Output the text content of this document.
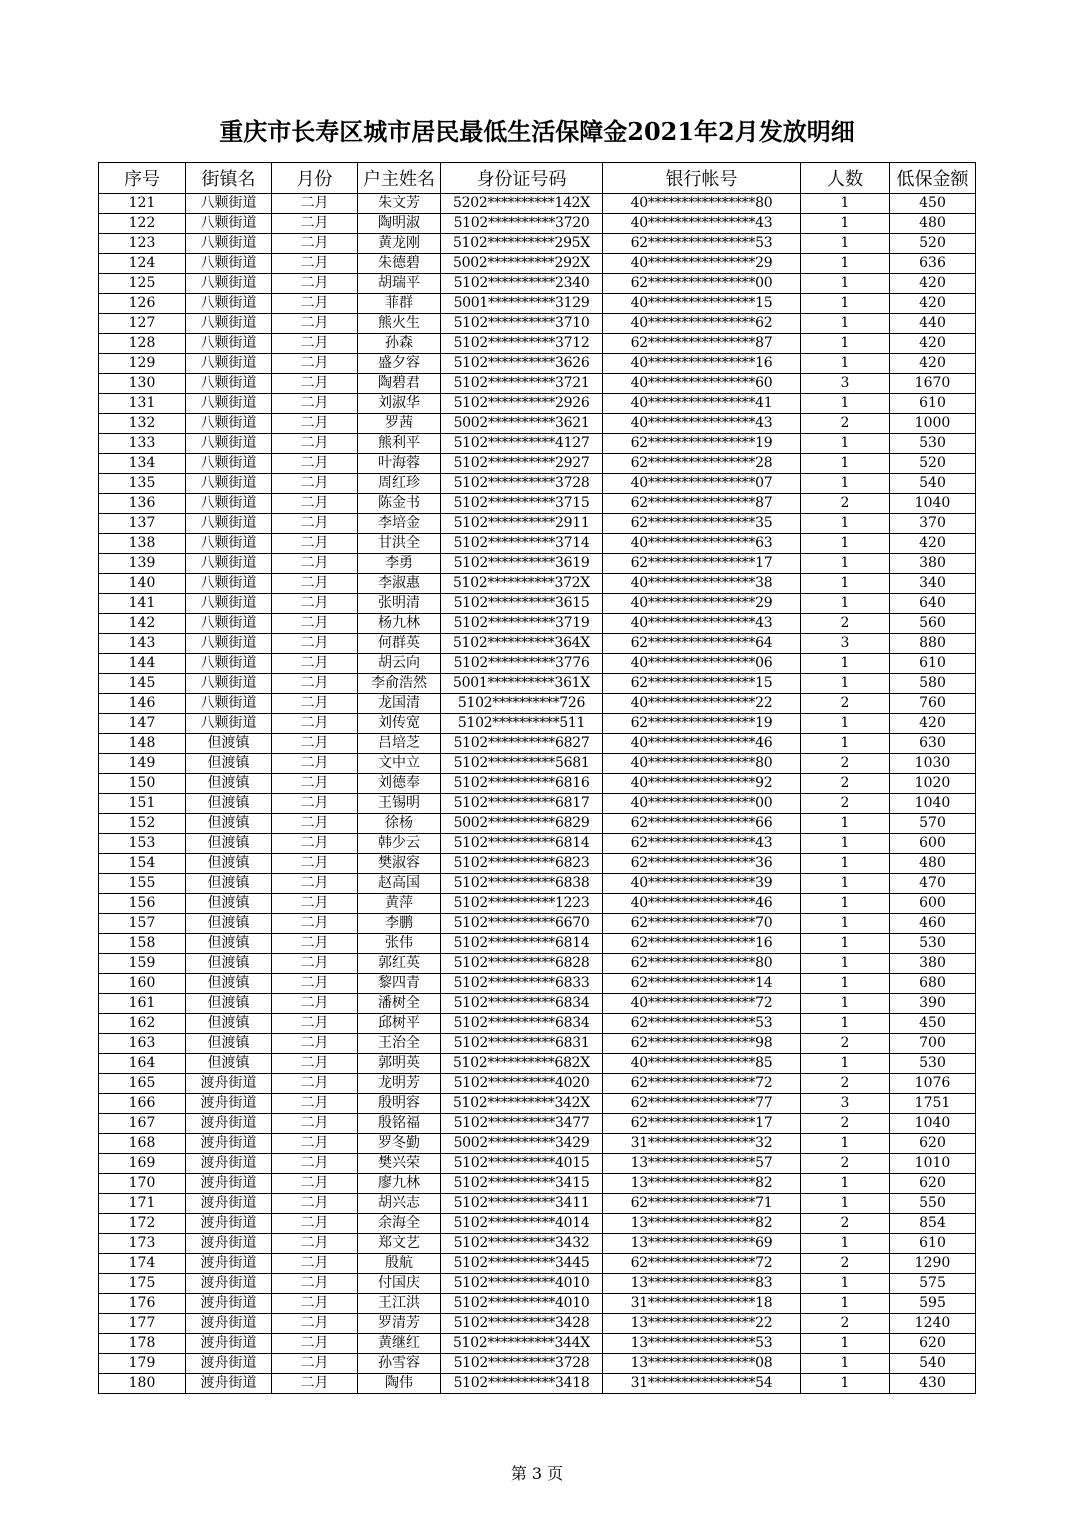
重庆市长寿区城市居民最低生活保障金2021年2月发放明细
序号	街镇名	月份	户主姓名	身份证号码	银行帐号	人数	低保金额
121	八颗街道	二月	朱文芳	5202**********142X	40****************80	1	450
122	八颗街道	二月	陶明淑	5102**********3720	40****************43	1	480
123	八颗街道	二月	黄龙刚	5102**********295X	62****************53	1	520
124	八颗街道	二月	朱德碧	5002**********292X	40****************29	1	636
125	八颗街道	二月	胡瑞平	5102**********2340	62****************00	1	420
126	八颗街道	二月	菲群	5001**********3129	40****************15	1	420
127	八颗街道	二月	熊火生	5102**********3710	40****************62	1	440
128	八颗街道	二月	孙森	5102**********3712	62****************87	1	420
129	八颗街道	二月	盛夕容	5102**********3626	40****************16	1	420
130	八颗街道	二月	陶碧君	5102**********3721	40****************60	3	1670
131	八颗街道	二月	刘淑华	5102**********2926	40****************41	1	610
132	八颗街道	二月	罗茜	5002**********3621	40****************43	2	1000
133	八颗街道	二月	熊利平	5102**********4127	62****************19	1	530
134	八颗街道	二月	叶海蓉	5102**********2927	62****************28	1	520
135	八颗街道	二月	周红珍	5102**********3728	40****************07	1	540
136	八颗街道	二月	陈金书	5102**********3715	62****************87	2	1040
137	八颗街道	二月	李培金	5102**********2911	62****************35	1	370
138	八颗街道	二月	甘洪全	5102**********3714	40****************63	1	420
139	八颗街道	二月	李勇	5102**********3619	62****************17	1	380
140	八颗街道	二月	李淑惠	5102**********372X	40****************38	1	340
141	八颗街道	二月	张明清	5102**********3615	40****************29	1	640
142	八颗街道	二月	杨九林	5102**********3719	40****************43	2	560
143	八颗街道	二月	何群英	5102**********364X	62****************64	3	880
144	八颗街道	二月	胡云向	5102**********3776	40****************06	1	610
145	八颗街道	二月	李俞浩然	5001**********361X	62****************15	1	580
146	八颗街道	二月	龙国清	5102**********726	40****************22	2	760
147	八颗街道	二月	刘传宽	5102**********511	62****************19	1	420
148	但渡镇	二月	吕培芝	5102**********6827	40****************46	1	630
149	但渡镇	二月	文中立	5102**********5681	40****************80	2	1030
150	但渡镇	二月	刘德奉	5102**********6816	40****************92	2	1020
151	但渡镇	二月	王锡明	5102**********6817	40****************00	2	1040
152	但渡镇	二月	徐杨	5002**********6829	62****************66	1	570
153	但渡镇	二月	韩少云	5102**********6814	62****************43	1	600
154	但渡镇	二月	樊淑容	5102**********6823	62****************36	1	480
155	但渡镇	二月	赵高国	5102**********6838	40****************39	1	470
156	但渡镇	二月	黄萍	5102**********1223	40****************46	1	600
157	但渡镇	二月	李鹏	5102**********6670	62****************70	1	460
158	但渡镇	二月	张伟	5102**********6814	62****************16	1	530
159	但渡镇	二月	郭红英	5102**********6828	62****************80	1	380
160	但渡镇	二月	黎四青	5102**********6833	62****************14	1	680
161	但渡镇	二月	潘树全	5102**********6834	40****************72	1	390
162	但渡镇	二月	邱树平	5102**********6834	62****************53	1	450
163	但渡镇	二月	王治全	5102**********6831	62****************98	2	700
164	但渡镇	二月	郭明英	5102**********682X	40****************85	1	530
165	渡舟街道	二月	龙明芳	5102**********4020	62****************72	2	1076
166	渡舟街道	二月	殷明容	5102**********342X	62****************77	3	1751
167	渡舟街道	二月	殷铭福	5102**********3477	62****************17	2	1040
168	渡舟街道	二月	罗冬勤	5002**********3429	31****************32	1	620
169	渡舟街道	二月	樊兴荣	5102**********4015	13****************57	2	1010
170	渡舟街道	二月	廖九林	5102**********3415	13****************82	1	620
171	渡舟街道	二月	胡兴志	5102**********3411	62****************71	1	550
172	渡舟街道	二月	余海全	5102**********4014	13****************82	2	854
173	渡舟街道	二月	郑文艺	5102**********3432	13****************69	1	610
174	渡舟街道	二月	殷航	5102**********3445	62****************72	2	1290
175	渡舟街道	二月	付国庆	5102**********4010	13****************83	1	575
176	渡舟街道	二月	王江洪	5102**********4010	31****************18	1	595
177	渡舟街道	二月	罗清芳	5102**********3428	13****************22	2	1240
178	渡舟街道	二月	黄继红	5102**********344X	13****************53	1	620
179	渡舟街道	二月	孙雪容	5102**********3728	13****************08	1	540
180	渡舟街道	二月	陶伟	5102**********3418	31****************54	1	430
第 3 页
